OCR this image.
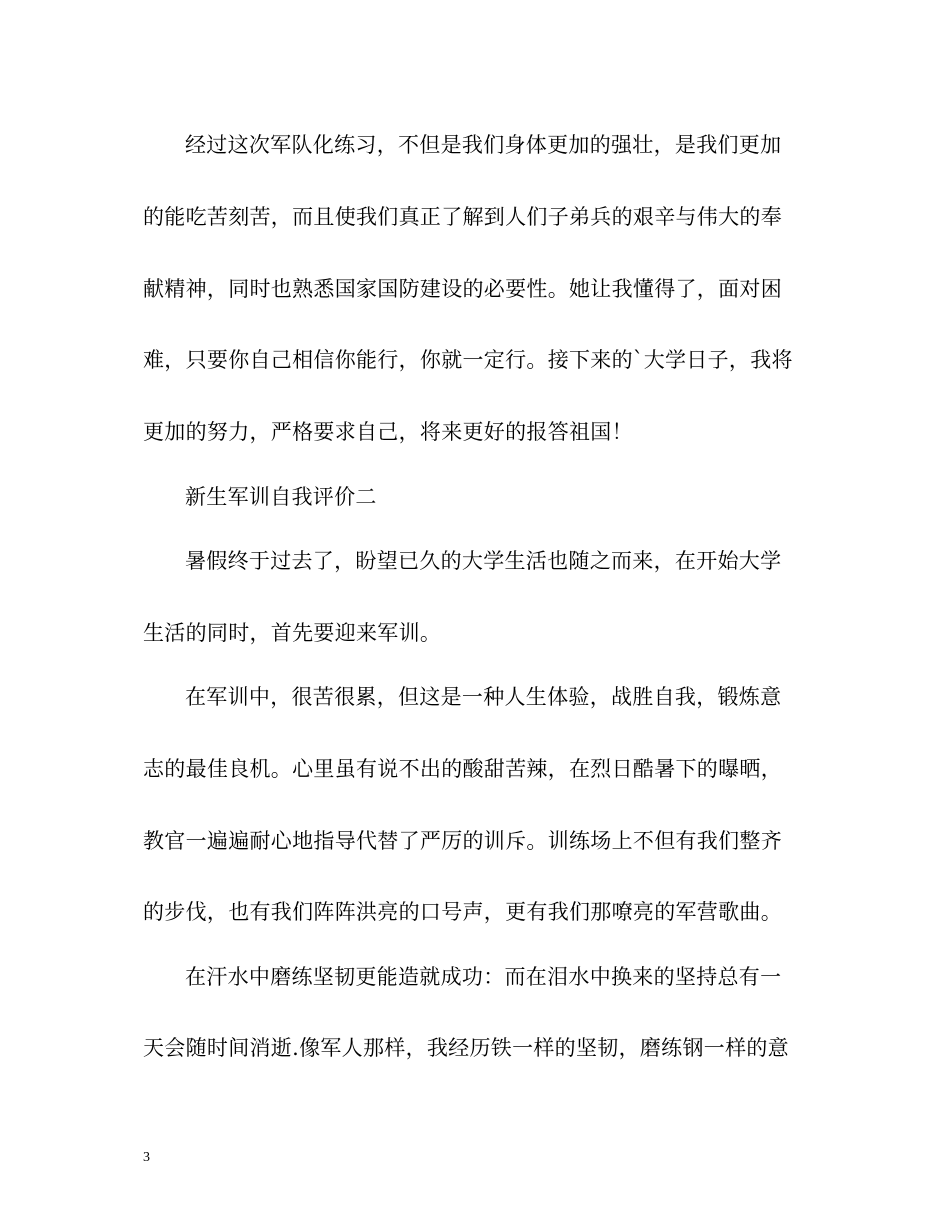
经过这次军队化练习，不但是我们身体更加的强壮，是我们更加
的能吃苦刻苦，而且使我们真正了解到人们子弟兵的艰辛与伟大的奉
献精神，同时也熟悉国家国防建设的必要性。她让我懂得了，面对困
难，只要你自己相信你能行，你就一定行。接下来的`大学日子，我将
更加的努力，严格要求自己，将来更好的报答祖国！
新生军训自我评价二
暑假终于过去了，盼望已久的大学生活也随之而来，在开始大学
生活的同时，首先要迎来军训。
在军训中，很苦很累，但这是一种人生体验，战胜自我，锻炼意
志的最佳良机。心里虽有说不出的酸甜苦辣，在烈日酷暑下的曝晒，
教官一遍遍耐心地指导代替了严厉的训斥。训练场上不但有我们整齐
的步伐，也有我们阵阵洪亮的口号声，更有我们那嘹亮的军营歌曲。
在汗水中磨练坚韧更能造就成功：而在泪水中换来的坚持总有一
天会随时间消逝.像军人那样，我经历铁一样的坚韧，磨练钢一样的意
3
